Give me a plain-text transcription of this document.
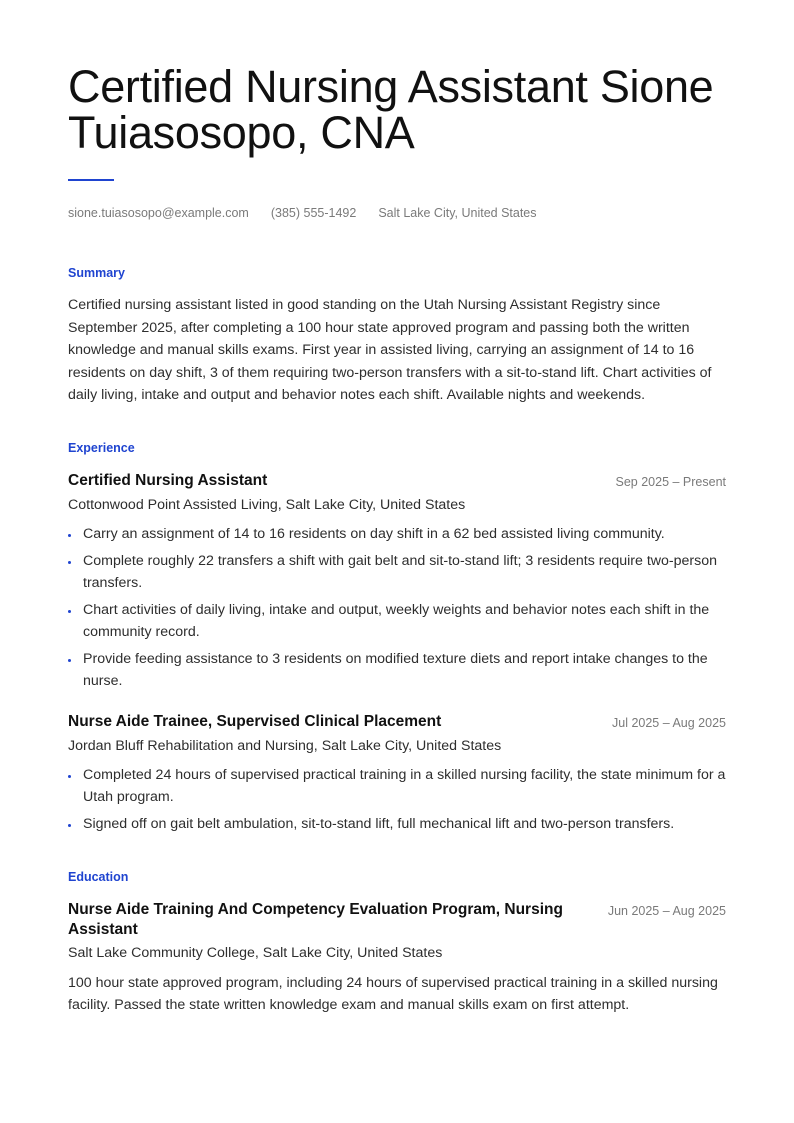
Certified Nursing Assistant Sione Tuiasosopo, CNA
sione.tuiasosopo@example.com (385) 555-1492 Salt Lake City, United States
Summary

Certified nursing assistant listed in good standing on the Utah Nursing Assistant Registry since September 2025, after completing a 100 hour state approved program and passing both the written knowledge and manual skills exams. First year in assisted living, carrying an assignment of 14 to 16 residents on day shift, 3 of them requiring two-person transfers with a sit-to-stand lift. Chart activities of daily living, intake and output and behavior notes each shift. Available nights and weekends.

Experience
Certified Nursing Assistant	Sep 2025 – Present
Cottonwood Point Assisted Living, Salt Lake City, United States
Carry an assignment of 14 to 16 residents on day shift in a 62 bed assisted living community.
Complete roughly 22 transfers a shift with gait belt and sit-to-stand lift; 3 residents require two-person transfers.
Chart activities of daily living, intake and output, weekly weights and behavior notes each shift in the community record.
Provide feeding assistance to 3 residents on modified texture diets and report intake changes to the nurse.
Nurse Aide Trainee, Supervised Clinical Placement	Jul 2025 – Aug 2025
Jordan Bluff Rehabilitation and Nursing, Salt Lake City, United States
Completed 24 hours of supervised practical training in a skilled nursing facility, the state minimum for a Utah program.
Signed off on gait belt ambulation, sit-to-stand lift, full mechanical lift and two-person transfers.
Education
Nurse Aide Training And Competency Evaluation Program, Nursing Assistant
Jun 2025 – Aug 2025
Salt Lake Community College, Salt Lake City, United States
100 hour state approved program, including 24 hours of supervised practical training in a skilled nursing facility. Passed the state written knowledge exam and manual skills exam on first attempt.
